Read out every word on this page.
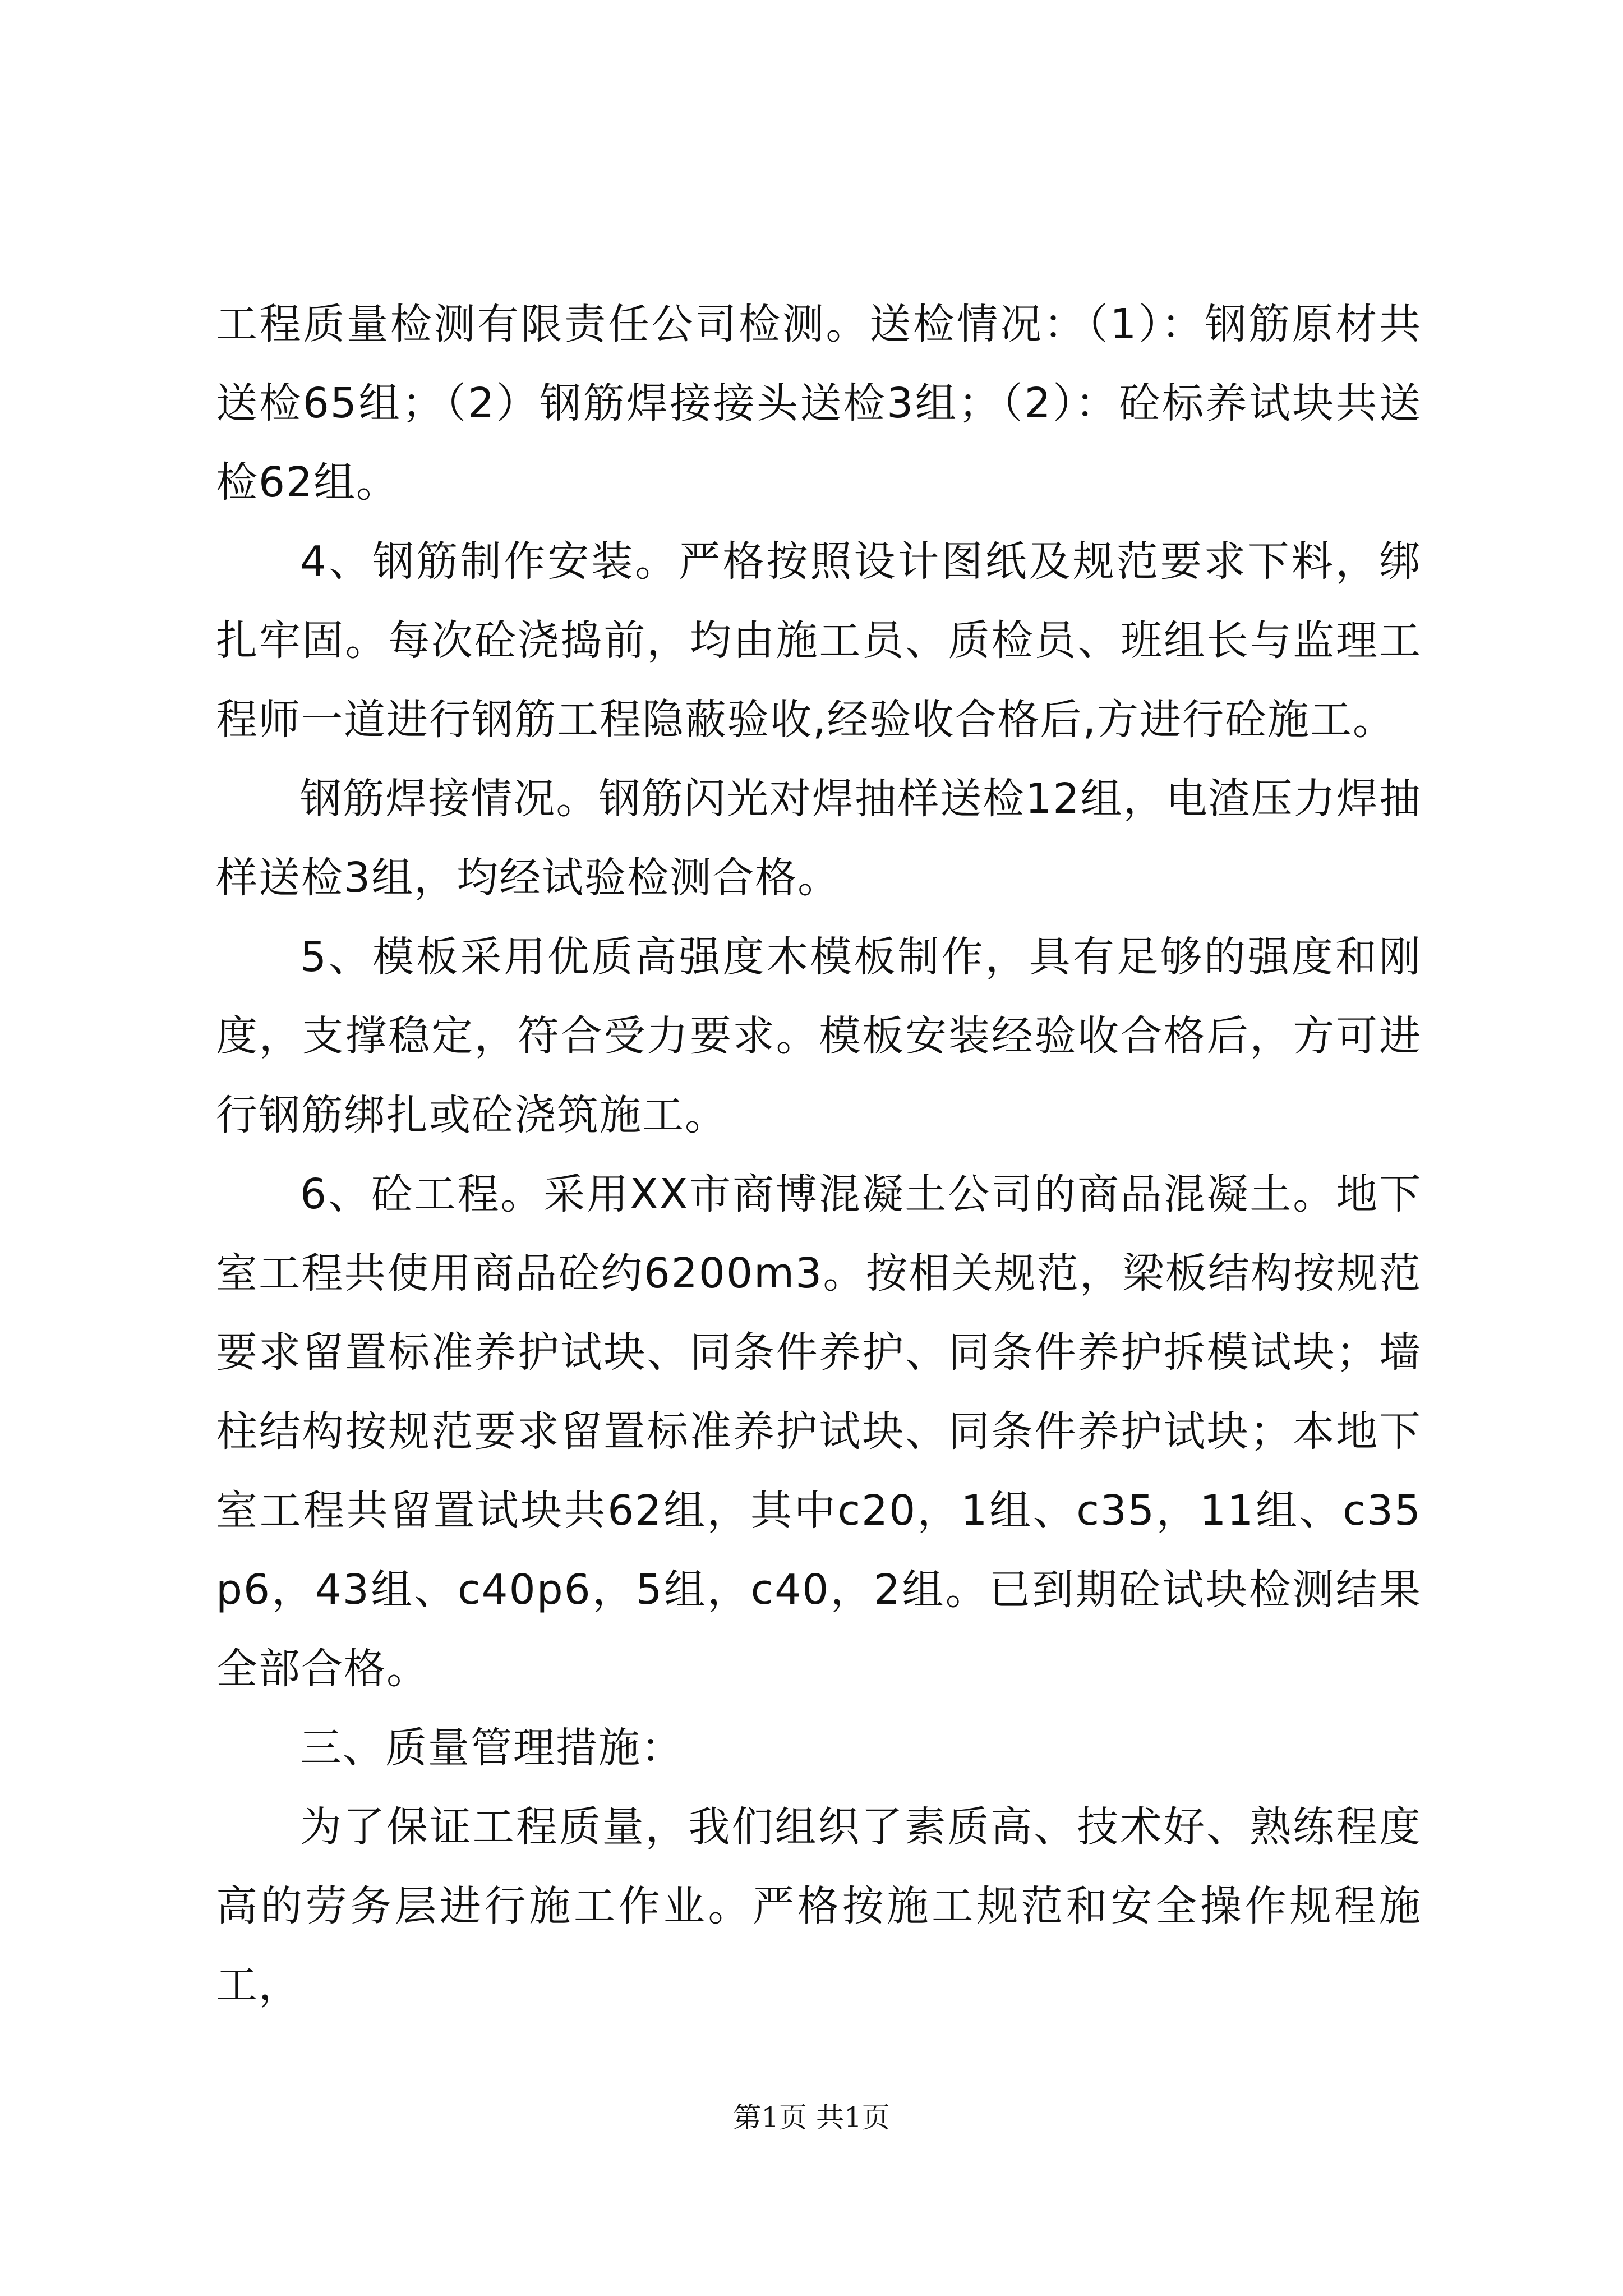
工程质量检测有限责任公司检测。送检情况：（1）：钢筋原材共送检65组；（2）钢筋焊接接头送检3组；（2）：砼标养试块共送检62组。

4、钢筋制作安装。严格按照设计图纸及规范要求下料，绑扎牢固。每次砼浇捣前，均由施工员、质检员、班组长与监理工程师一道进行钢筋工程隐蔽验收,经验收合格后,方进行砼施工。

钢筋焊接情况。钢筋闪光对焊抽样送检12组，电渣压力焊抽样送检3组，均经试验检测合格。

5、模板采用优质高强度木模板制作，具有足够的强度和刚度，支撑稳定，符合受力要求。模板安装经验收合格后，方可进行钢筋绑扎或砼浇筑施工。

6、砼工程。采用XX市商博混凝土公司的商品混凝土。地下室工程共使用商品砼约6200m3。按相关规范，梁板结构按规范要求留置标准养护试块、同条件养护、同条件养护拆模试块；墙柱结构按规范要求留置标准养护试块、同条件养护试块；本地下室工程共留置试块共62组，其中c20，1组、c35，11组、c35p6，43组、c40p6，5组，c40，2组。已到期砼试块检测结果全部合格。

三、质量管理措施：

为了保证工程质量，我们组织了素质高、技术好、熟练程度高的劳务层进行施工作业。严格按施工规范和安全操作规程施工，

第1页 共1页
